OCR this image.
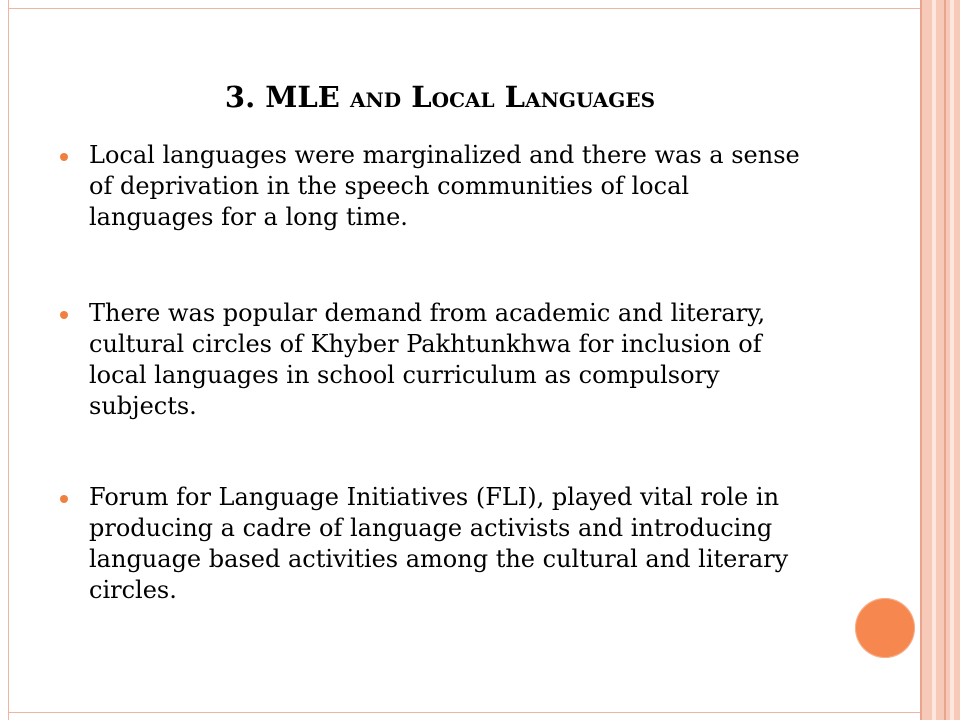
3. MLE AND LOCAL LANGUAGES
Local languages were marginalized and there was a sense of deprivation in the speech communities of local languages for a long time.
There was popular demand from academic and literary, cultural circles of Khyber Pakhtunkhwa for inclusion of local languages in school curriculum as compulsory subjects.
Forum for Language Initiatives (FLI), played vital role in producing a cadre of language activists and introducing language based activities among the cultural and literary circles.
